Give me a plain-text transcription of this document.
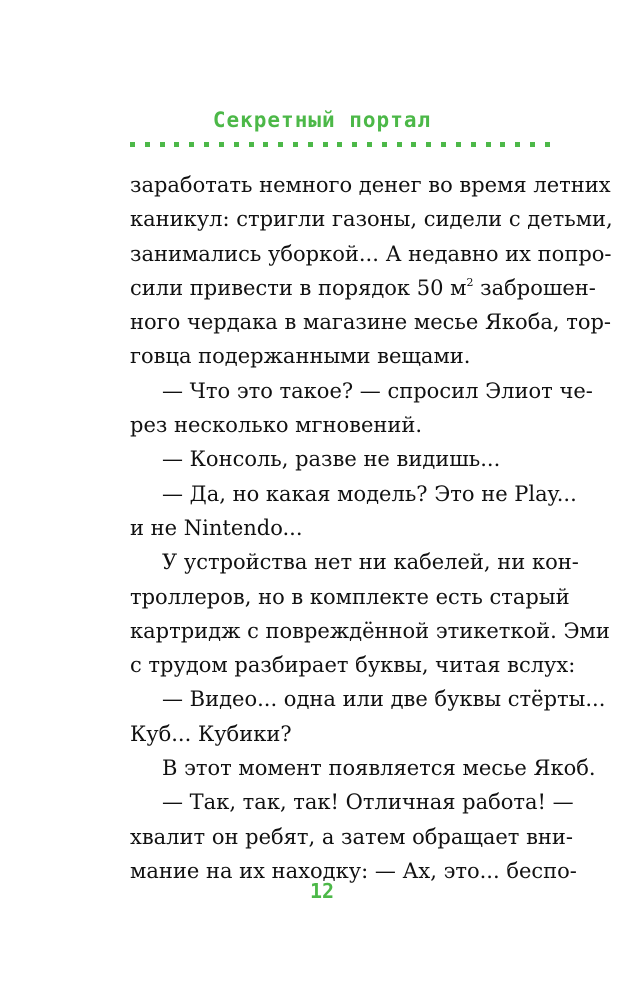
Секретный портал
заработать немного денег во время летних
каникул: стригли газоны, сидели с детьми,
занимались уборкой... А недавно их попро-
сили привести в порядок 50 $м^2$ заброшен-
ного чердака в магазине месье Якоба, тор-
говца подержанными вещами.
— Что это такое? — спросил Элиот че-
рез несколько мгновений.
— Консоль, разве не видишь...
— Да, но какая модель? Это не Play...
и не Nintendo...
У устройства нет ни кабелей, ни кон-
троллеров, но в комплекте есть старый
картридж с повреждённой этикеткой. Эми
с трудом разбирает буквы, читая вслух:
— Видео... одна или две буквы стёрты...
Куб... Кубики?
В этот момент появляется месье Якоб.
— Так, так, так! Отличная работа! —
хвалит он ребят, а затем обращает вни-
мание на их находку: — Ах, это... беспо-
12
